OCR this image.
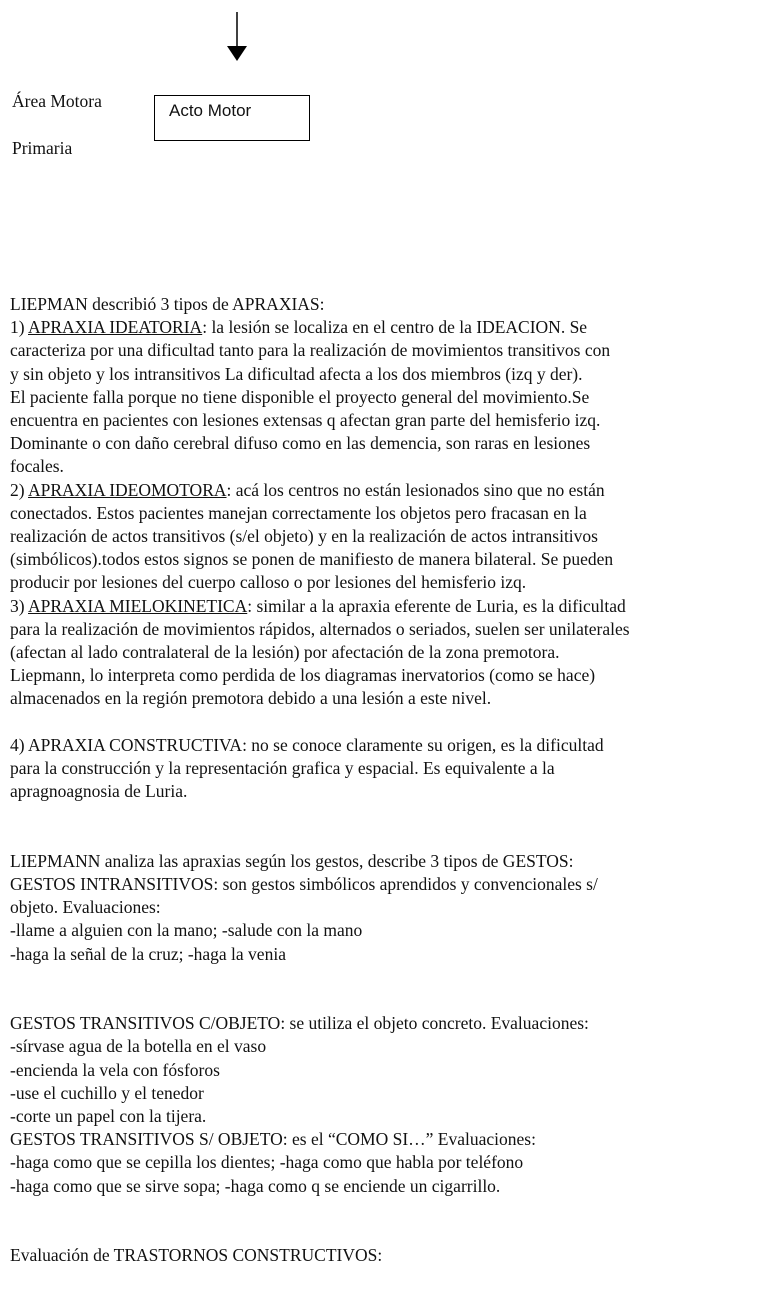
Área Motora
Primaria
Acto Motor
LIEPMAN describió 3 tipos de APRAXIAS:
1) APRAXIA IDEATORIA: la lesión se localiza en el centro de la IDEACION. Se
caracteriza por una dificultad tanto para la realización de movimientos transitivos con
y sin objeto y los intransitivos La dificultad afecta a los dos miembros (izq y der).
El paciente falla porque no tiene disponible el proyecto general del movimiento.Se
encuentra en pacientes con lesiones extensas q afectan gran parte del hemisferio izq.
Dominante o con daño cerebral difuso como en las demencia, son raras en lesiones
focales.
2) APRAXIA IDEOMOTORA: acá los centros no están lesionados sino que no están
conectados. Estos pacientes manejan correctamente los objetos pero fracasan en la
realización de actos transitivos (s/el objeto) y en la realización de actos intransitivos
(simbólicos).todos estos signos se ponen de manifiesto de manera bilateral. Se pueden
producir por lesiones del cuerpo calloso o por lesiones del hemisferio izq.
3) APRAXIA MIELOKINETICA: similar a la apraxia eferente de Luria, es la dificultad
para la realización de movimientos rápidos, alternados o seriados, suelen ser unilaterales
(afectan al lado contralateral de la lesión) por afectación de la zona premotora.
Liepmann, lo interpreta como perdida de los diagramas inervatorios (como se hace)
almacenados en la región premotora debido a una lesión a este nivel.
4) APRAXIA CONSTRUCTIVA: no se conoce claramente su origen, es la dificultad
para la construcción y la representación grafica y espacial. Es equivalente a la
apragnoagnosia de Luria.
LIEPMANN analiza las apraxias según los gestos, describe 3 tipos de GESTOS:
GESTOS INTRANSITIVOS: son gestos simbólicos aprendidos y convencionales s/
objeto. Evaluaciones:
-llame a alguien con la mano; -salude con la mano
-haga la señal de la cruz; -haga la venia
GESTOS TRANSITIVOS C/OBJETO: se utiliza el objeto concreto. Evaluaciones:
-sírvase agua de la botella en el vaso
-encienda la vela con fósforos
-use el cuchillo y el tenedor
-corte un papel con la tijera.
GESTOS TRANSITIVOS S/ OBJETO: es el “COMO SI…” Evaluaciones:
-haga como que se cepilla los dientes; -haga como que habla por teléfono
-haga como que se sirve sopa; -haga como q se enciende un cigarrillo.
Evaluación de TRASTORNOS CONSTRUCTIVOS:
